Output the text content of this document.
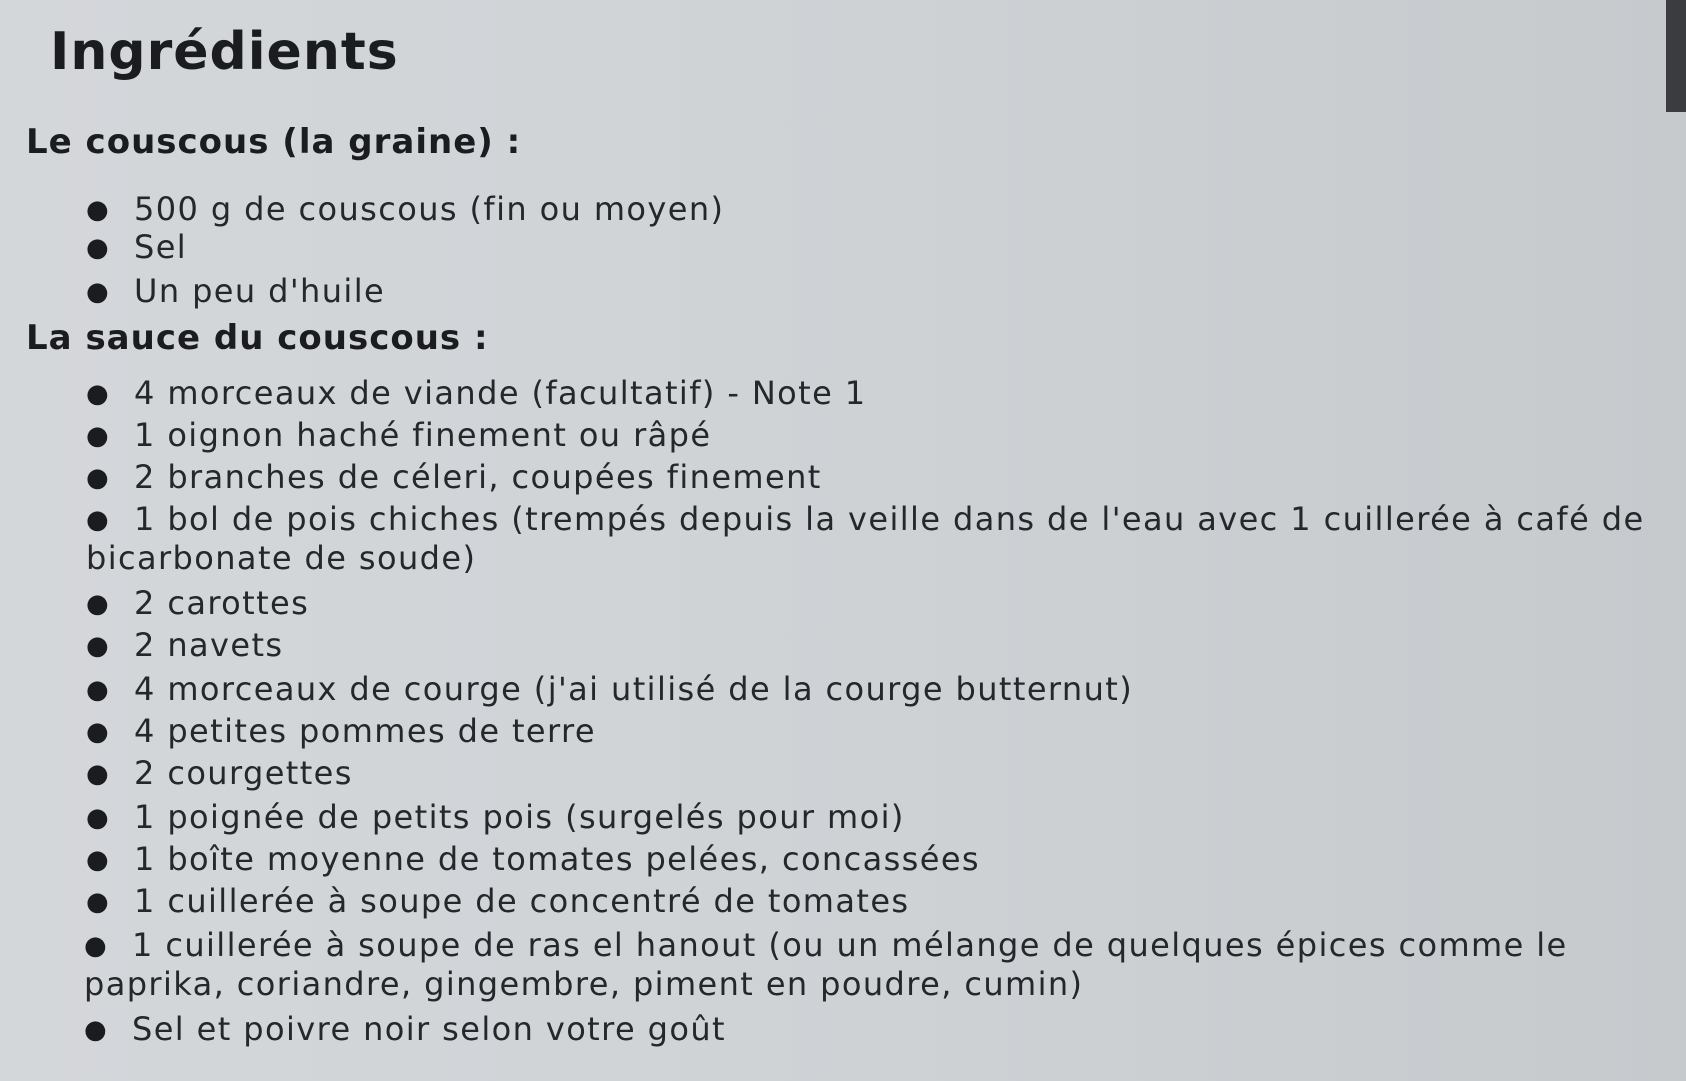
Ingrédients
Le couscous (la graine) :
● 500 g de couscous (fin ou moyen)
● Sel
● Un peu d'huile
La sauce du couscous :
● 4 morceaux de viande (facultatif) - Note 1
● 1 oignon haché finement ou râpé
● 2 branches de céleri, coupées finement
● 1 bol de pois chiches (trempés depuis la veille dans de l'eau avec 1 cuillerée à café de bicarbonate de soude)
● 2 carottes
● 2 navets
● 4 morceaux de courge (j'ai utilisé de la courge butternut)
● 4 petites pommes de terre
● 2 courgettes
● 1 poignée de petits pois (surgelés pour moi)
● 1 boîte moyenne de tomates pelées, concassées
● 1 cuillerée à soupe de concentré de tomates
● 1 cuillerée à soupe de ras el hanout (ou un mélange de quelques épices comme le paprika, coriandre, gingembre, piment en poudre, cumin)
● Sel et poivre noir selon votre goût
